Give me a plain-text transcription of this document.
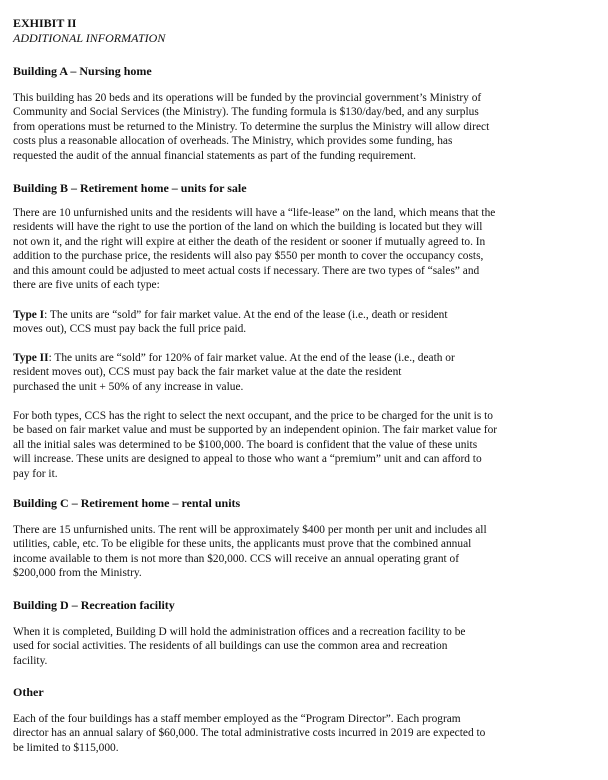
EXHIBIT II
ADDITIONAL INFORMATION
Building A – Nursing home
This building has 20 beds and its operations will be funded by the provincial government’s Ministry of
Community and Social Services (the Ministry). The funding formula is $130/day/bed, and any surplus
from operations must be returned to the Ministry. To determine the surplus the Ministry will allow direct
costs plus a reasonable allocation of overheads. The Ministry, which provides some funding, has
requested the audit of the annual financial statements as part of the funding requirement.
Building B – Retirement home – units for sale
There are 10 unfurnished units and the residents will have a “life-lease” on the land, which means that the
residents will have the right to use the portion of the land on which the building is located but they will
not own it, and the right will expire at either the death of the resident or sooner if mutually agreed to. In
addition to the purchase price, the residents will also pay $550 per month to cover the occupancy costs,
and this amount could be adjusted to meet actual costs if necessary. There are two types of “sales” and
there are five units of each type:
Type I: The units are “sold” for fair market value. At the end of the lease (i.e., death or resident
moves out), CCS must pay back the full price paid.
Type II: The units are “sold” for 120% of fair market value. At the end of the lease (i.e., death or
resident moves out), CCS must pay back the fair market value at the date the resident
purchased the unit + 50% of any increase in value.
For both types, CCS has the right to select the next occupant, and the price to be charged for the unit is to
be based on fair market value and must be supported by an independent opinion. The fair market value for
all the initial sales was determined to be $100,000. The board is confident that the value of these units
will increase. These units are designed to appeal to those who want a “premium” unit and can afford to
pay for it.
Building C – Retirement home – rental units
There are 15 unfurnished units. The rent will be approximately $400 per month per unit and includes all
utilities, cable, etc. To be eligible for these units, the applicants must prove that the combined annual
income available to them is not more than $20,000. CCS will receive an annual operating grant of
$200,000 from the Ministry.
Building D – Recreation facility
When it is completed, Building D will hold the administration offices and a recreation facility to be
used for social activities. The residents of all buildings can use the common area and recreation
facility.
Other
Each of the four buildings has a staff member employed as the “Program Director”. Each program
director has an annual salary of $60,000. The total administrative costs incurred in 2019 are expected to
be limited to $115,000.
